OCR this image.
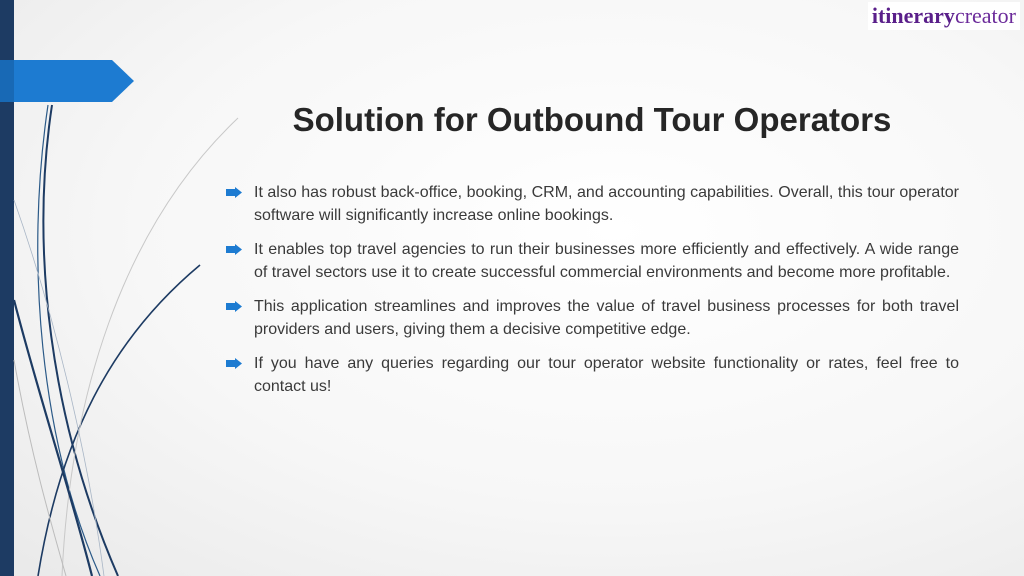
itinerarycreator
Solution for Outbound Tour Operators
It also has robust back-office, booking, CRM, and accounting capabilities. Overall, this tour operator software will significantly increase online bookings.
It enables top travel agencies to run their businesses more efficiently and effectively. A wide range of travel sectors use it to create successful commercial environments and become more profitable.
This application streamlines and improves the value of travel business processes for both travel providers and users, giving them a decisive competitive edge.
If you have any queries regarding our tour operator website functionality or rates, feel free to contact us!
